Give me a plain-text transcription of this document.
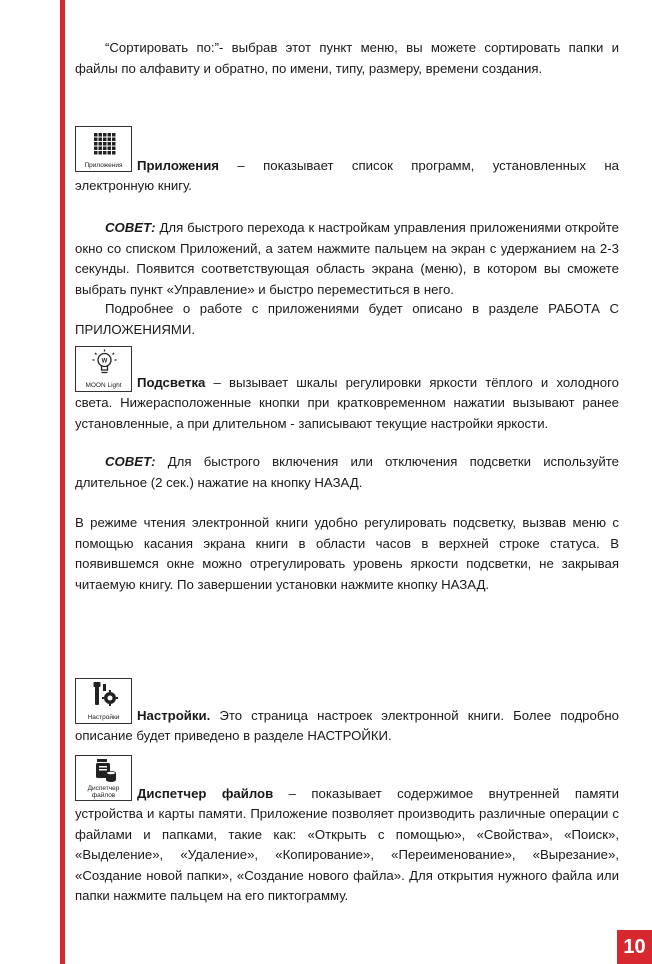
“Сортировать по:”- выбрав этот пункт меню, вы можете сортировать папки и файлы по алфавиту и обратно, по имени, типу, размеру, времени создания.

Приложения	Приложения – показывает список программ, установленных на

электронную книгу.

СОВЕТ: Для быстрого перехода к настройкам управления приложениями откройте окно со списком Приложений, а затем нажмите пальцем на экран с удержанием на 2-3 секунды. Появится соответствующая область экрана (меню), в котором вы сможете выбрать пункт «Управление» и быстро переместиться в него.

Подробнее о работе с приложениями будет описано в разделе РАБОТА С ПРИЛОЖЕНИЯМИ.

W
MOON Light	Подсветка – вызывает шкалы регулировки яркости тёплого и холодного

света. Нижерасположенные кнопки при кратковременном нажатии вызывают ранее установленные, а при длительном - записывают текущие настройки яркости.

СОВЕТ: Для быстрого включения или отключения подсветки используйте длительное (2 сек.) нажатие на кнопку НАЗАД.

В режиме чтения электронной книги удобно регулировать подсветку, вызвав меню с помощью касания экрана книги в области часов в верхней строке статуса. В появившемся окне можно отрегулировать уровень яркости подсветки, не закрывая читаемую книгу. По завершении установки нажмите кнопку НАЗАД.

Настройки	Настройки. Это страница настроек электронной книги. Более подробно

описание будет приведено в разделе НАСТРОЙКИ.

Диспетчер файлов	Диспетчер файлов – показывает содержимое внутренней памяти

устройства и карты памяти. Приложение позволяет производить различные операции с файлами и папками, такие как: «Открыть с помощью», «Свойства», «Поиск», «Выделение», «Удаление», «Копирование», «Переименование», «Вырезание», «Создание новой папки», «Создание нового файла». Для открытия нужного файла или папки нажмите пальцем на его пиктограмму.

10
